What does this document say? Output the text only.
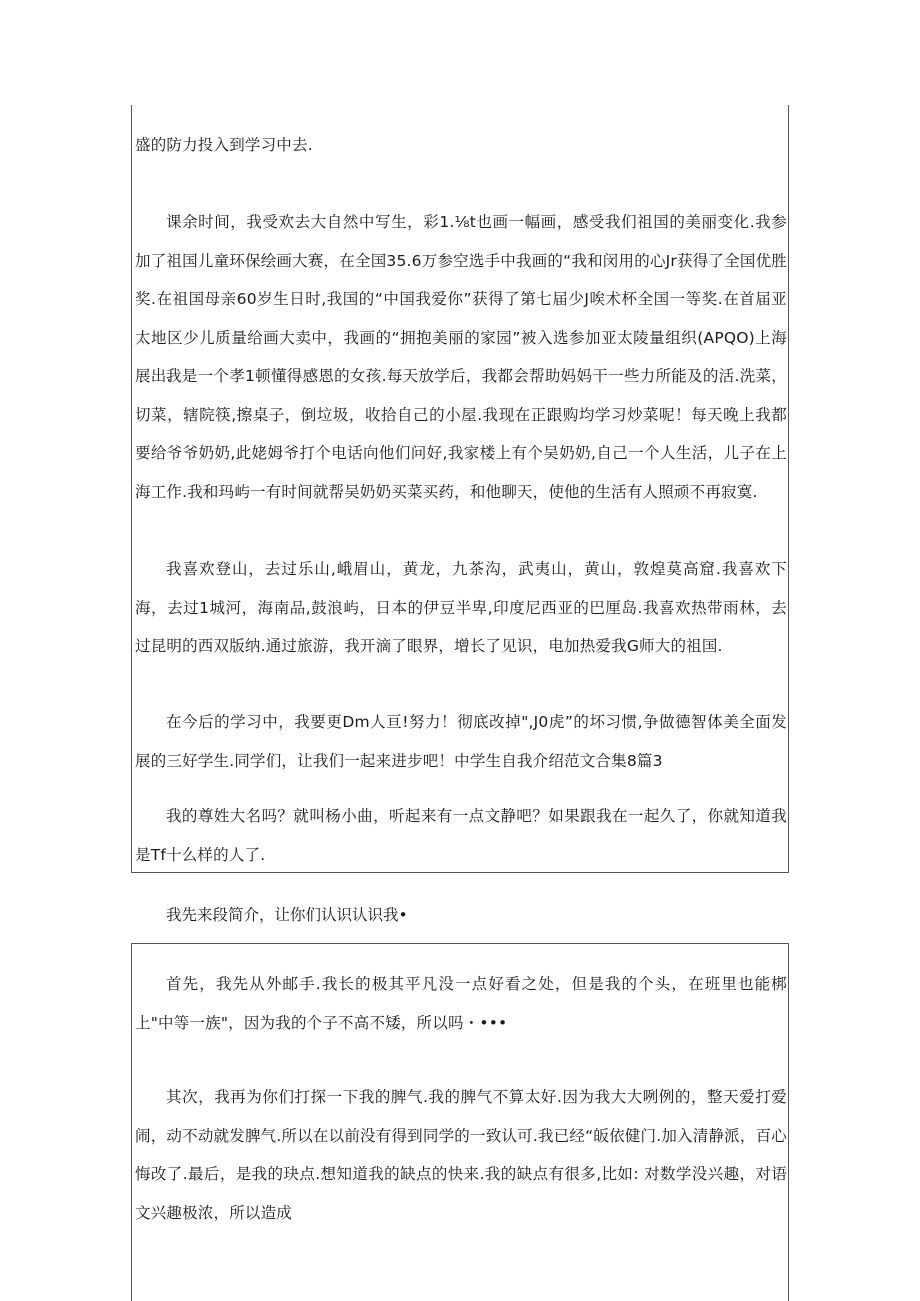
盛的防力投入到学习中去.

课余时间，我受欢去大自然中写生，彩1.⅛t也画一幅画，感受我们祖国的美丽变化.我参加了祖国儿童环保绘画大赛，在全国35.6万参空选手中我画的“我和闵用的心Jr获得了全国优胜奖.在祖国母亲60岁生日时,我国的“中国我爱你”获得了第七届少J唉术杯全国一等奖.在首届亚太地区少儿质量给画大卖中，我画的“拥抱美丽的家园”被入选参加亚太陵量组织(APQO)上海展出.

我是一个孝1顿懂得感恩的女孩.每天放学后，我都会帮助妈妈干一些力所能及的活.洗菜，切菜，辖院筷,擦桌子，倒垃圾，收拾自己的小屋.我现在正跟购均学习炒菜呢！每天晚上我都要给爷爷奶奶,此姥姆爷打个电话向他们问好,我家楼上有个吴奶奶,自己一个人生活，儿子在上海工作.我和玛屿一有时间就帮吴奶奶买菜买药，和他聊天，使他的生活有人照顽不再寂寞.

我喜欢登山，去过乐山,峨眉山，黄龙，九茶沟，武夷山，黄山，敦煌莫高窟.我喜欢下海，去过1城河，海南品,鼓浪屿，日本的伊豆半卑,印度尼西亚的巴厘岛.我喜欢热带雨林，去过昆明的西双版纳.通过旅游，我开滴了眼界，增长了见识，电加热爱我G师大的祖国.

在今后的学习中，我要更Dm人亘!努力！彻底改掉",J0虎”的坏习惯,争做德智体美全面发展的三好学生.同学们，让我们一起来进步吧！中学生自我介绍范文合集8篇3

我的尊姓大名吗？就叫杨小曲，听起来有一点文静吧？如果跟我在一起久了，你就知道我是Tf十么样的人了.

我先来段简介，让你们认识认识我•

首先，我先从外邮手.我长的极其平凡没一点好看之处，但是我的个头，在班里也能梆上"中等一族"，因为我的个子不高不矮，所以吗・•••

其次，我再为你们打探一下我的脾气.我的脾气不算太好.因为我大大咧例的，整天爱打爱闹，动不动就发脾气.所以在以前没有得到同学的一致认可.我已经“皈依健门.加入清静派，百心悔改了.最后，是我的玦点.想知道我的缺点的快来.我的缺点有很多,比如: 对数学没兴趣，对语文兴趣极浓，所以造成
